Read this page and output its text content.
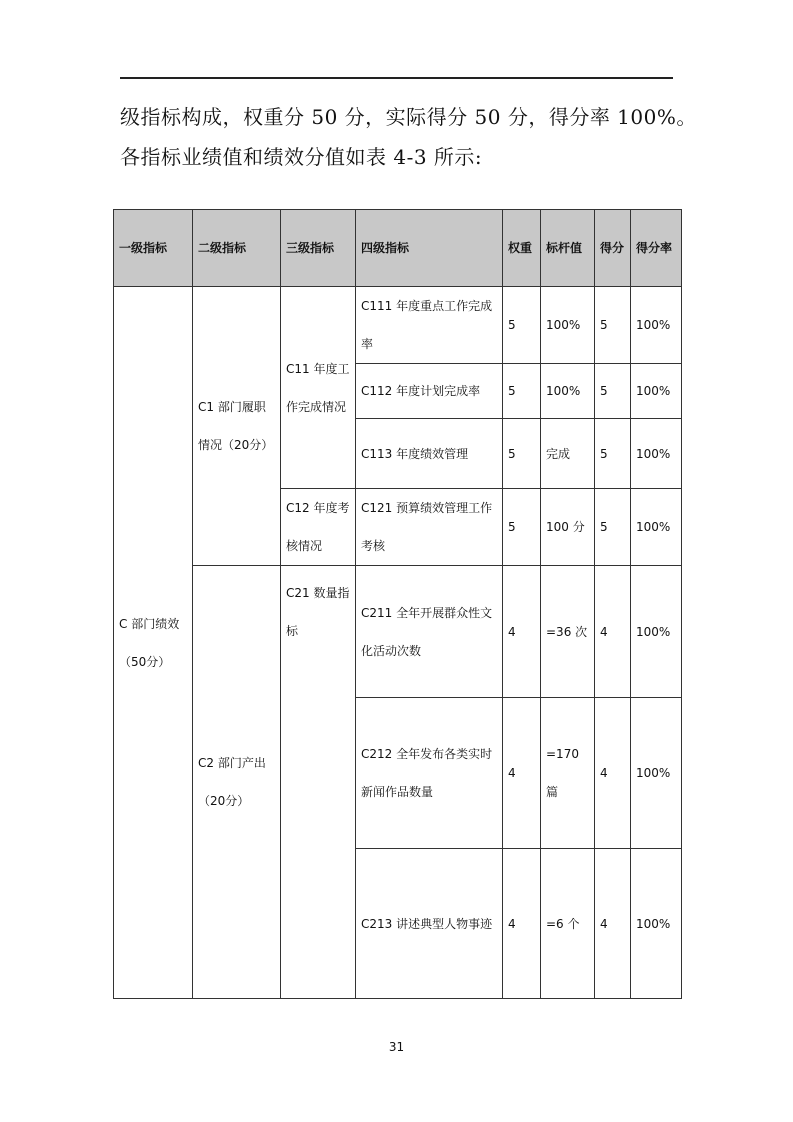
级指标构成，权重分 50 分，实际得分 50 分，得分率 100%。
各指标业绩值和绩效分值如表 4-3 所示:
一级指标	二级指标	三级指标	四级指标	权重	标杆值	得分	得分率
C 部门绩效（50分）	C1 部门履职情况（20分）	C11 年度工作完成情况	C111 年度重点工作完成率	5	100%	5	100%
			C112 年度计划完成率	5	100%	5	100%
			C113 年度绩效管理	5	完成	5	100%
		C12 年度考核情况	C121 预算绩效管理工作考核	5	100 分	5	100%
	C2 部门产出（20分）	C21 数量指标	C211 全年开展群众性文化活动次数	4	=36 次	4	100%
			C212 全年发布各类实时新闻作品数量	4	=170 篇	4	100%
			C213 讲述典型人物事迹	4	=6 个	4	100%
31
